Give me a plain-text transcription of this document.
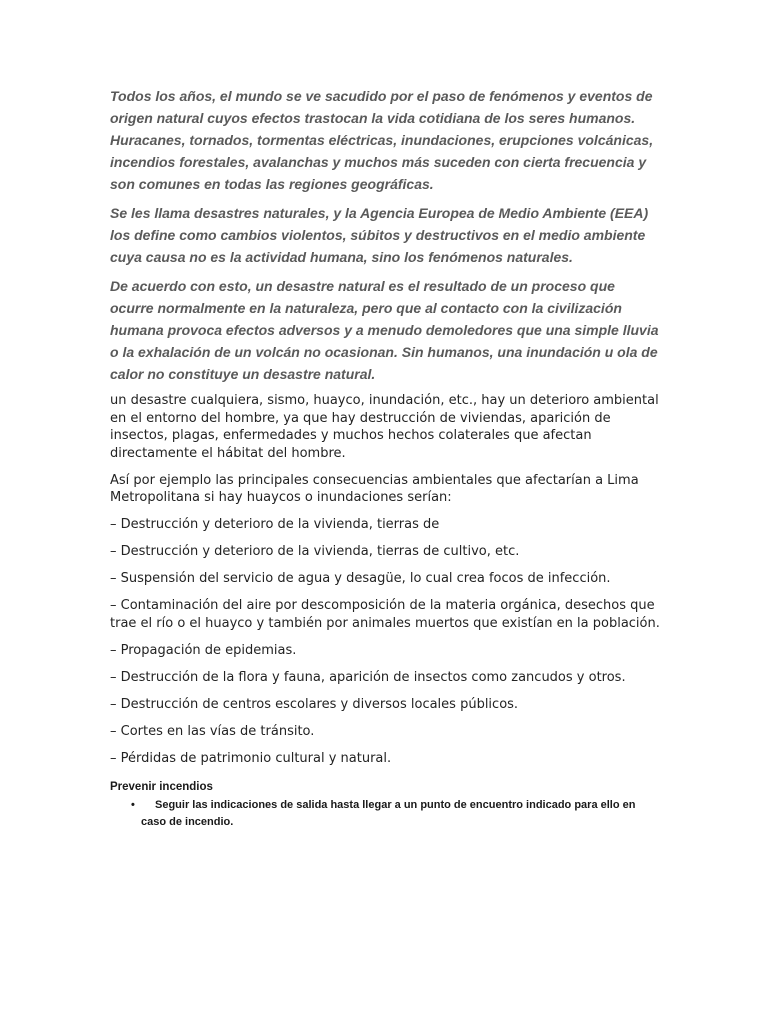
Todos los años, el mundo se ve sacudido por el paso de fenómenos y eventos de origen natural cuyos efectos trastocan la vida cotidiana de los seres humanos. Huracanes, tornados, tormentas eléctricas, inundaciones, erupciones volcánicas, incendios forestales, avalanchas y muchos más suceden con cierta frecuencia y son comunes en todas las regiones geográficas.

Se les llama desastres naturales, y la Agencia Europea de Medio Ambiente (EEA) los define como cambios violentos, súbitos y destructivos en el medio ambiente cuya causa no es la actividad humana, sino los fenómenos naturales.

De acuerdo con esto, un desastre natural es el resultado de un proceso que ocurre normalmente en la naturaleza, pero que al contacto con la civilización humana provoca efectos adversos y a menudo demoledores que una simple lluvia o la exhalación de un volcán no ocasionan. Sin humanos, una inundación u ola de calor no constituye un desastre natural.

un desastre cualquiera, sismo, huayco, inundación, etc., hay un deterioro ambiental en el entorno del hombre, ya que hay destrucción de viviendas, aparición de insectos, plagas, enfermedades y muchos hechos colaterales que afectan directamente el hábitat del hombre.

Así por ejemplo las principales consecuencias ambientales que afectarían a Lima Metropolitana si hay huaycos o inundaciones serían:

– Destrucción y deterioro de la vivienda, tierras de

– Destrucción y deterioro de la vivienda, tierras de cultivo, etc.

– Suspensión del servicio de agua y desagüe, lo cual crea focos de infección.

– Contaminación del aire por descomposición de la materia orgánica, desechos que trae el río o el huayco y también por animales muertos que existían en la población.

– Propagación de epidemias.

– Destrucción de la flora y fauna, aparición de insectos como zancudos y otros.

– Destrucción de centros escolares y diversos locales públicos.

– Cortes en las vías de tránsito.

– Pérdidas de patrimonio cultural y natural.

Prevenir incendios
•
Seguir las indicaciones de salida hasta llegar a un punto de encuentro indicado para ello en caso de incendio.
